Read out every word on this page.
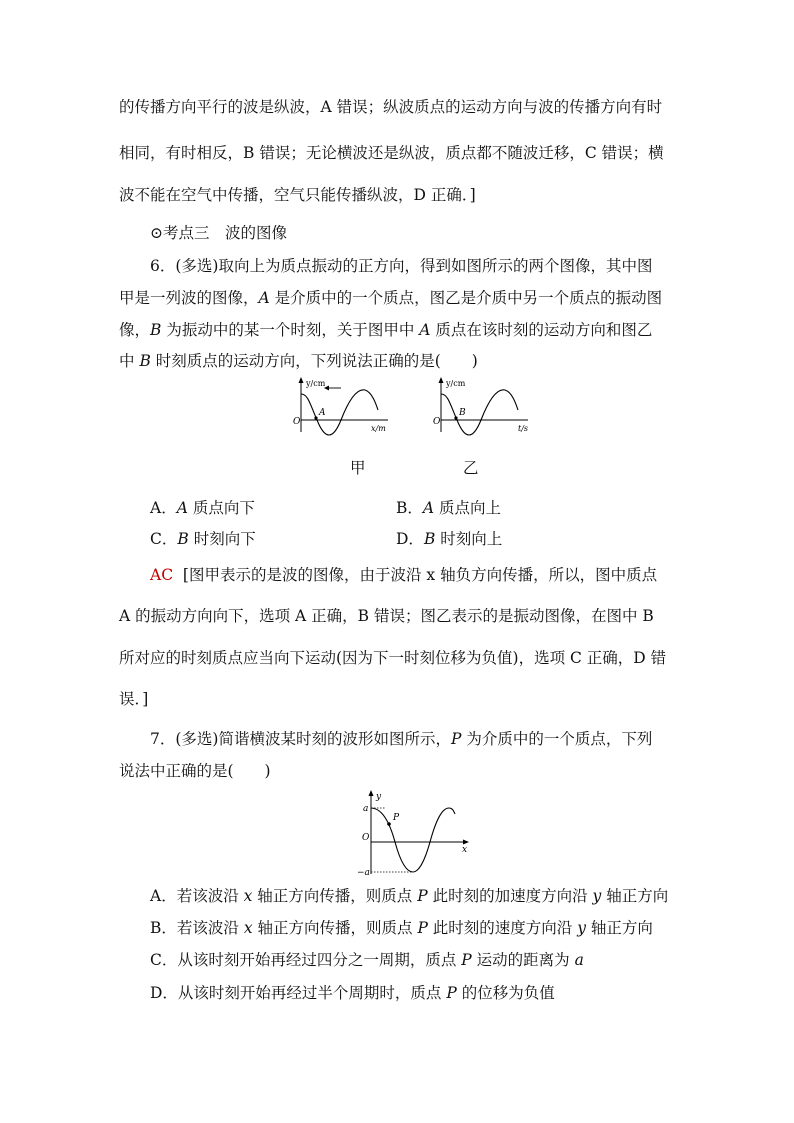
的传播方向平行的波是纵波，A 错误；纵波质点的运动方向与波的传播方向有时
相同，有时相反，B 错误；无论横波还是纵波，质点都不随波迁移，C 错误；横
波不能在空气中传播，空气只能传播纵波，D 正确．]
⊙考点三　波的图像
6．(多选)取向上为质点振动的正方向，得到如图所示的两个图像，其中图
甲是一列波的图像，A 是介质中的一个质点，图乙是介质中另一个质点的振动图
像，B 为振动中的某一个时刻，关于图甲中 A 质点在该时刻的运动方向和图乙
中 B 时刻质点的运动方向，下列说法正确的是(　　)
y/cm
x/m
O
A
y/cm
t/s
O
B
甲	乙
A．A 质点向下	B．A 质点向上
C．B 时刻向下	D．B 时刻向上
AC [图甲表示的是波的图像，由于波沿 x 轴负方向传播，所以，图中质点
A 的振动方向向下，选项 A 正确，B 错误；图乙表示的是振动图像，在图中 B
所对应的时刻质点应当向下运动(因为下一时刻位移为负值)，选项 C 正确，D 错
误．]
7．(多选)简谐横波某时刻的波形如图所示，P 为介质中的一个质点，下列
说法中正确的是(　　)
y
x
O
a
−a
P
A．若该波沿 x 轴正方向传播，则质点 P 此时刻的加速度方向沿 y 轴正方向
B．若该波沿 x 轴正方向传播，则质点 P 此时刻的速度方向沿 y 轴正方向
C．从该时刻开始再经过四分之一周期，质点 P 运动的距离为 a
D．从该时刻开始再经过半个周期时，质点 P 的位移为负值
